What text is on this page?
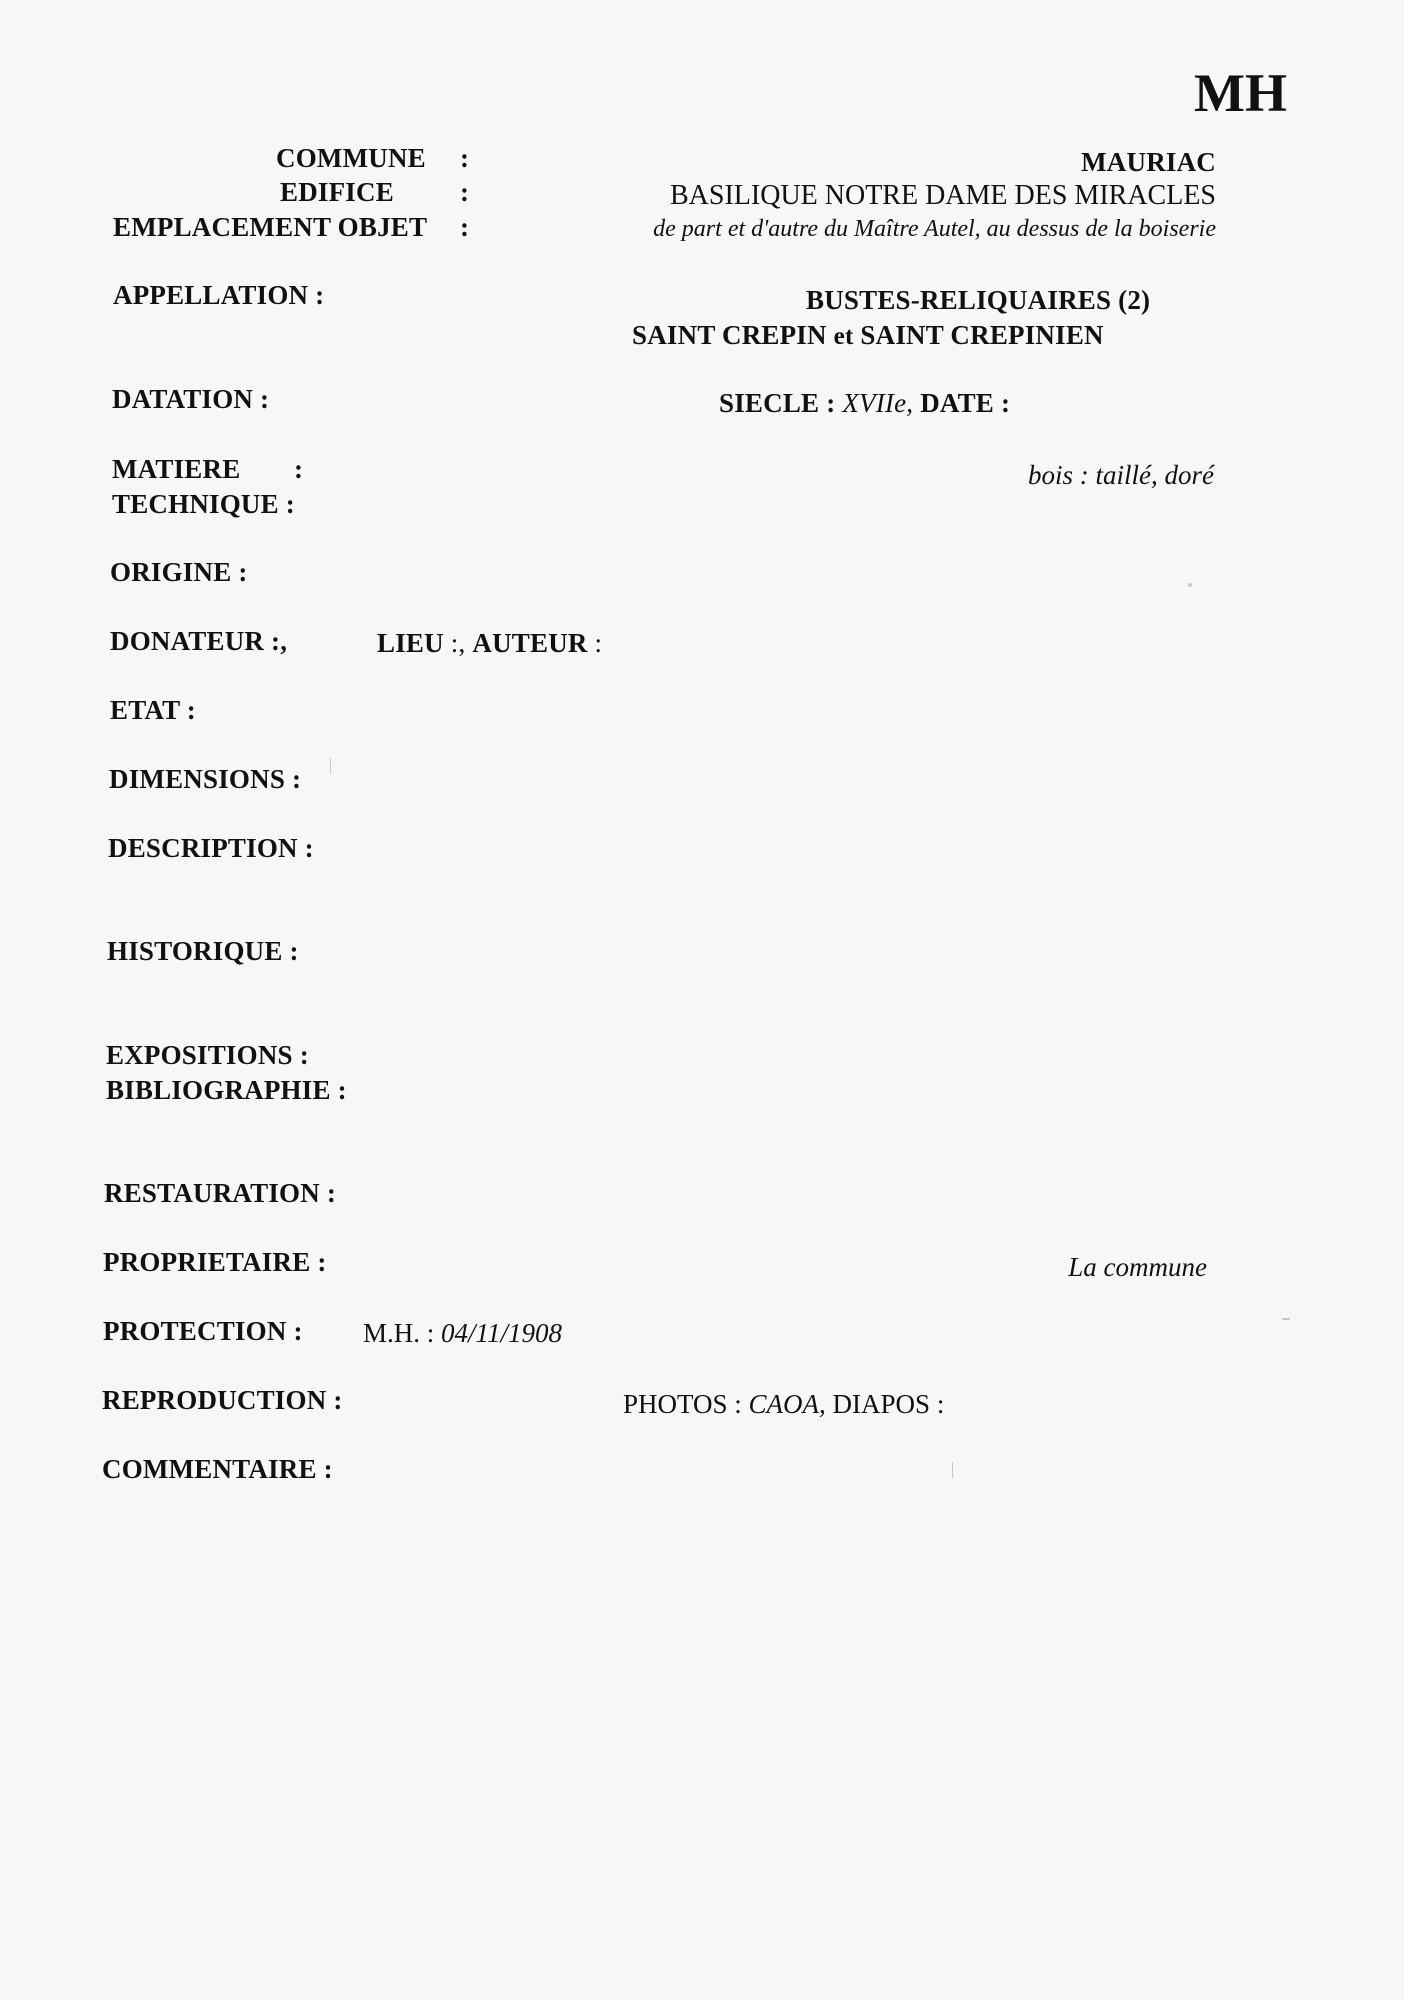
MH
COMMUNE :	MAURIAC
EDIFICE :	BASILIQUE NOTRE DAME DES MIRACLES
EMPLACEMENT OBJET :	de part et d'autre du Maître Autel, au dessus de la boiserie
APPELLATION :	BUSTES-RELIQUAIRES (2)
SAINT CREPIN et SAINT CREPINIEN
DATATION :	SIECLE : XVIIe, DATE :
MATIERE :	bois : taillé, doré
TECHNIQUE :
ORIGINE :
DONATEUR :,	LIEU :, AUTEUR :
ETAT :
DIMENSIONS :
DESCRIPTION :
HISTORIQUE :
EXPOSITIONS :
BIBLIOGRAPHIE :
RESTAURATION :
PROPRIETAIRE :	La commune
PROTECTION : M.H. : 04/11/1908
REPRODUCTION :	PHOTOS : CAOA, DIAPOS :
COMMENTAIRE :
